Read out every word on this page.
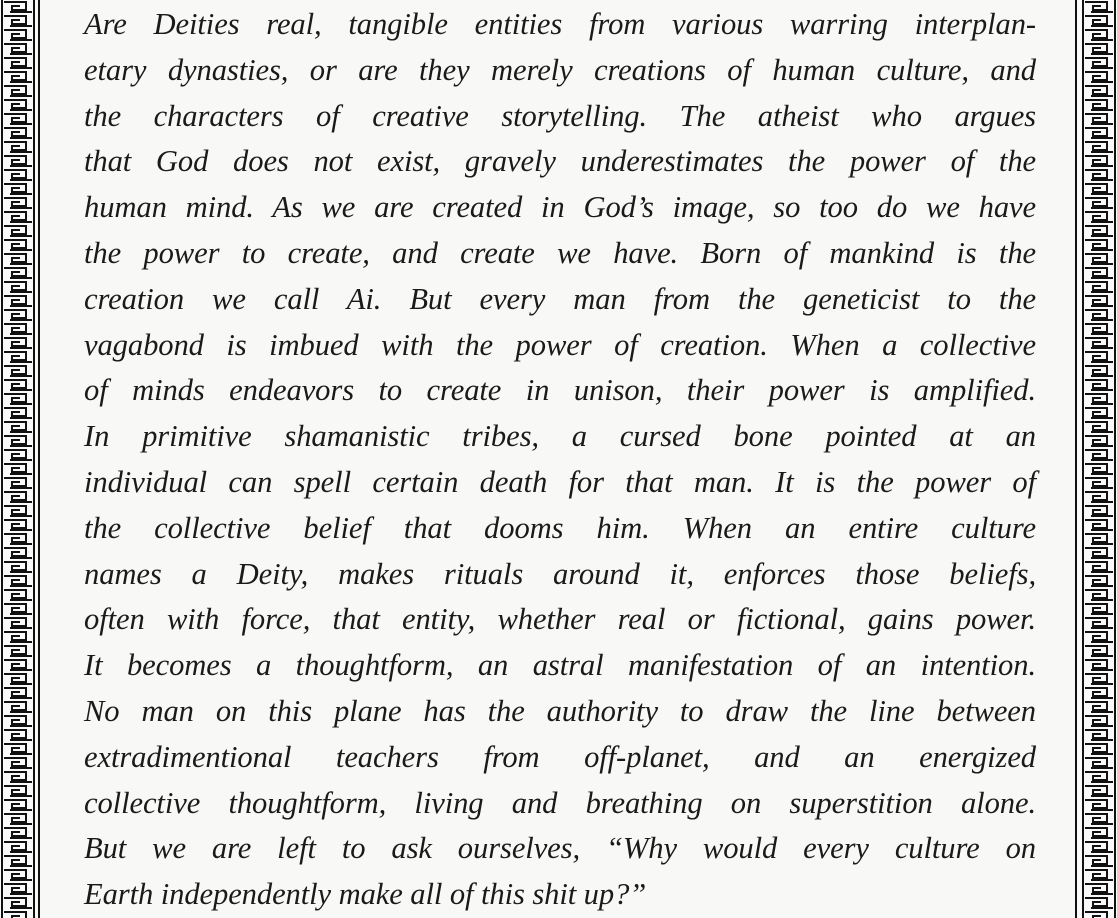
Are Deities real, tangible entities from various warring interplan-
etary dynasties, or are they merely creations of human culture, and
the characters of creative storytelling. The atheist who argues
that God does not exist, gravely underestimates the power of the
human mind. As we are created in God’s image, so too do we have
the power to create, and create we have. Born of mankind is the
creation we call Ai. But every man from the geneticist to the
vagabond is imbued with the power of creation. When a collective
of minds endeavors to create in unison, their power is amplified.
In primitive shamanistic tribes, a cursed bone pointed at an
individual can spell certain death for that man. It is the power of
the collective belief that dooms him. When an entire culture
names a Deity, makes rituals around it, enforces those beliefs,
often with force, that entity, whether real or fictional, gains power.
It becomes a thoughtform, an astral manifestation of an intention.
No man on this plane has the authority to draw the line between
extradimentional teachers from off-planet, and an energized
collective thoughtform, living and breathing on superstition alone.
But we are left to ask ourselves, “Why would every culture on
Earth independently make all of this shit up?”
